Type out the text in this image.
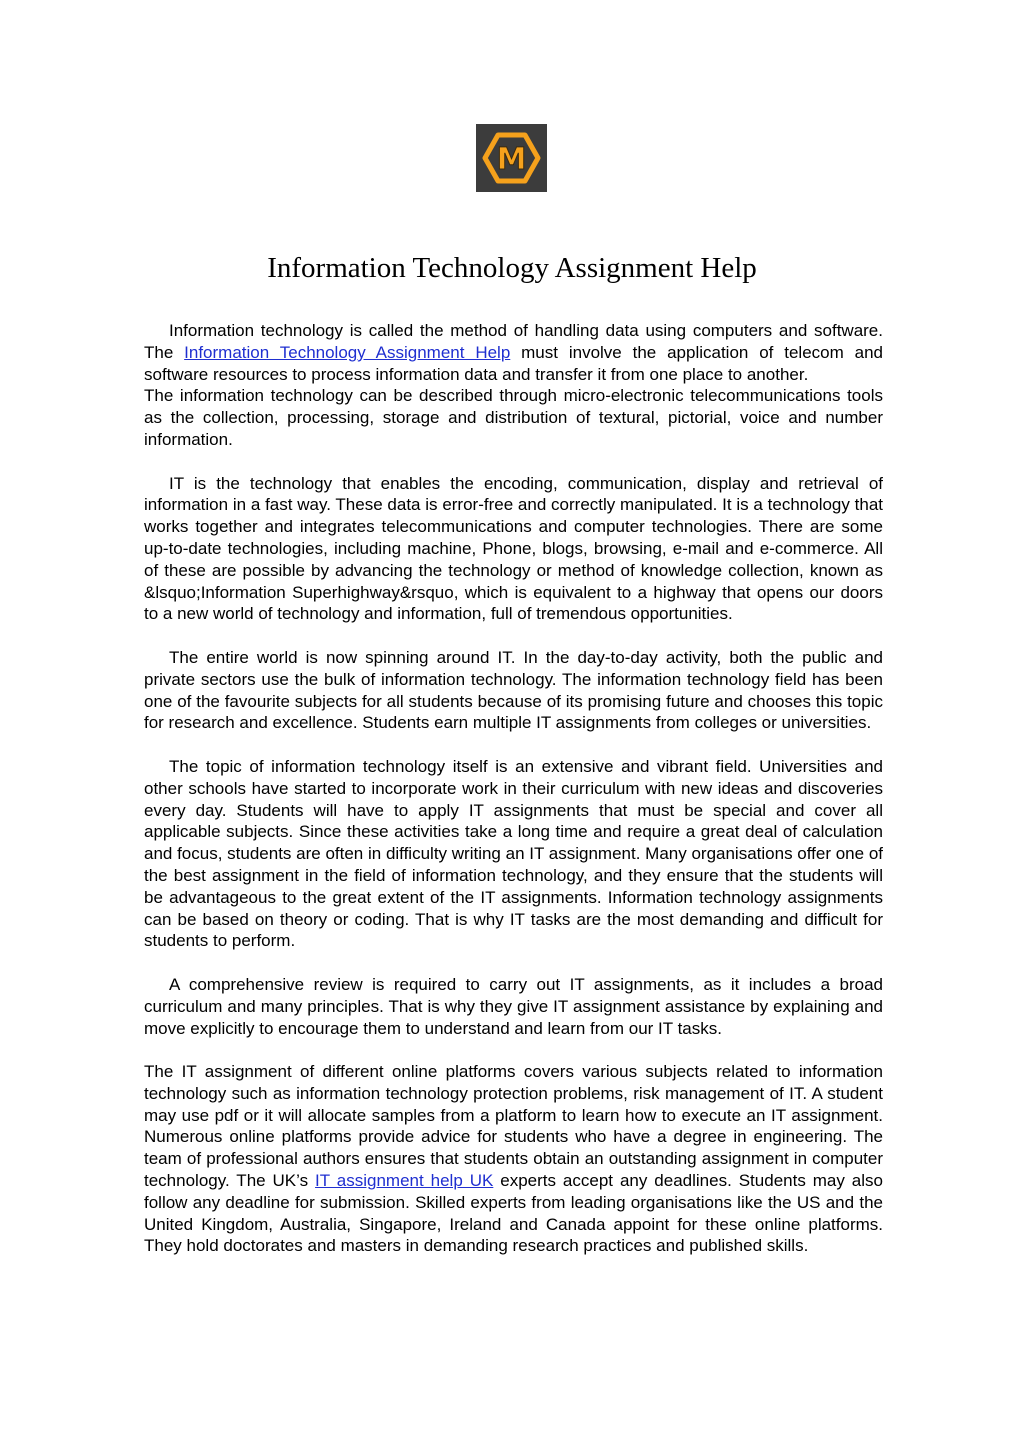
M
Information Technology Assignment Help

Information technology is called the method of handling data using computers and software. The Information Technology Assignment Help must involve the application of telecom and software resources to process information data and transfer it from one place to another.

The information technology can be described through micro-electronic telecommunications tools as the collection, processing, storage and distribution of textural, pictorial, voice and number information.

IT is the technology that enables the encoding, communication, display and retrieval of information in a fast way. These data is error-free and correctly manipulated. It is a technology that works together and integrates telecommunications and computer technologies. There are some up-to-date technologies, including machine, Phone, blogs, browsing, e-mail and e-commerce. All of these are possible by advancing the technology or method of knowledge collection, known as &lsquo;Information Superhighway&rsquo, which is equivalent to a highway that opens our doors to a new world of technology and information, full of tremendous opportunities.

The entire world is now spinning around IT. In the day-to-day activity, both the public and private sectors use the bulk of information technology. The information technology field has been one of the favourite subjects for all students because of its promising future and chooses this topic for research and excellence. Students earn multiple IT assignments from colleges or universities.

The topic of information technology itself is an extensive and vibrant field. Universities and other schools have started to incorporate work in their curriculum with new ideas and discoveries every day. Students will have to apply IT assignments that must be special and cover all applicable subjects. Since these activities take a long time and require a great deal of calculation and focus, students are often in difficulty writing an IT assignment. Many organisations offer one of the best assignment in the field of information technology, and they ensure that the students will be advantageous to the great extent of the IT assignments. Information technology assignments can be based on theory or coding. That is why IT tasks are the most demanding and difficult for students to perform.

A comprehensive review is required to carry out IT assignments, as it includes a broad curriculum and many principles. That is why they give IT assignment assistance by explaining and move explicitly to encourage them to understand and learn from our IT tasks.

The IT assignment of different online platforms covers various subjects related to information technology such as information technology protection problems, risk management of IT. A student may use pdf or it will allocate samples from a platform to learn how to execute an IT assignment. Numerous online platforms provide advice for students who have a degree in engineering. The team of professional authors ensures that students obtain an outstanding assignment in computer technology. The UK’s IT assignment help UK experts accept any deadlines. Students may also follow any deadline for submission. Skilled experts from leading organisations like the US and the United Kingdom, Australia, Singapore, Ireland and Canada appoint for these online platforms. They hold doctorates and masters in demanding research practices and published skills.
